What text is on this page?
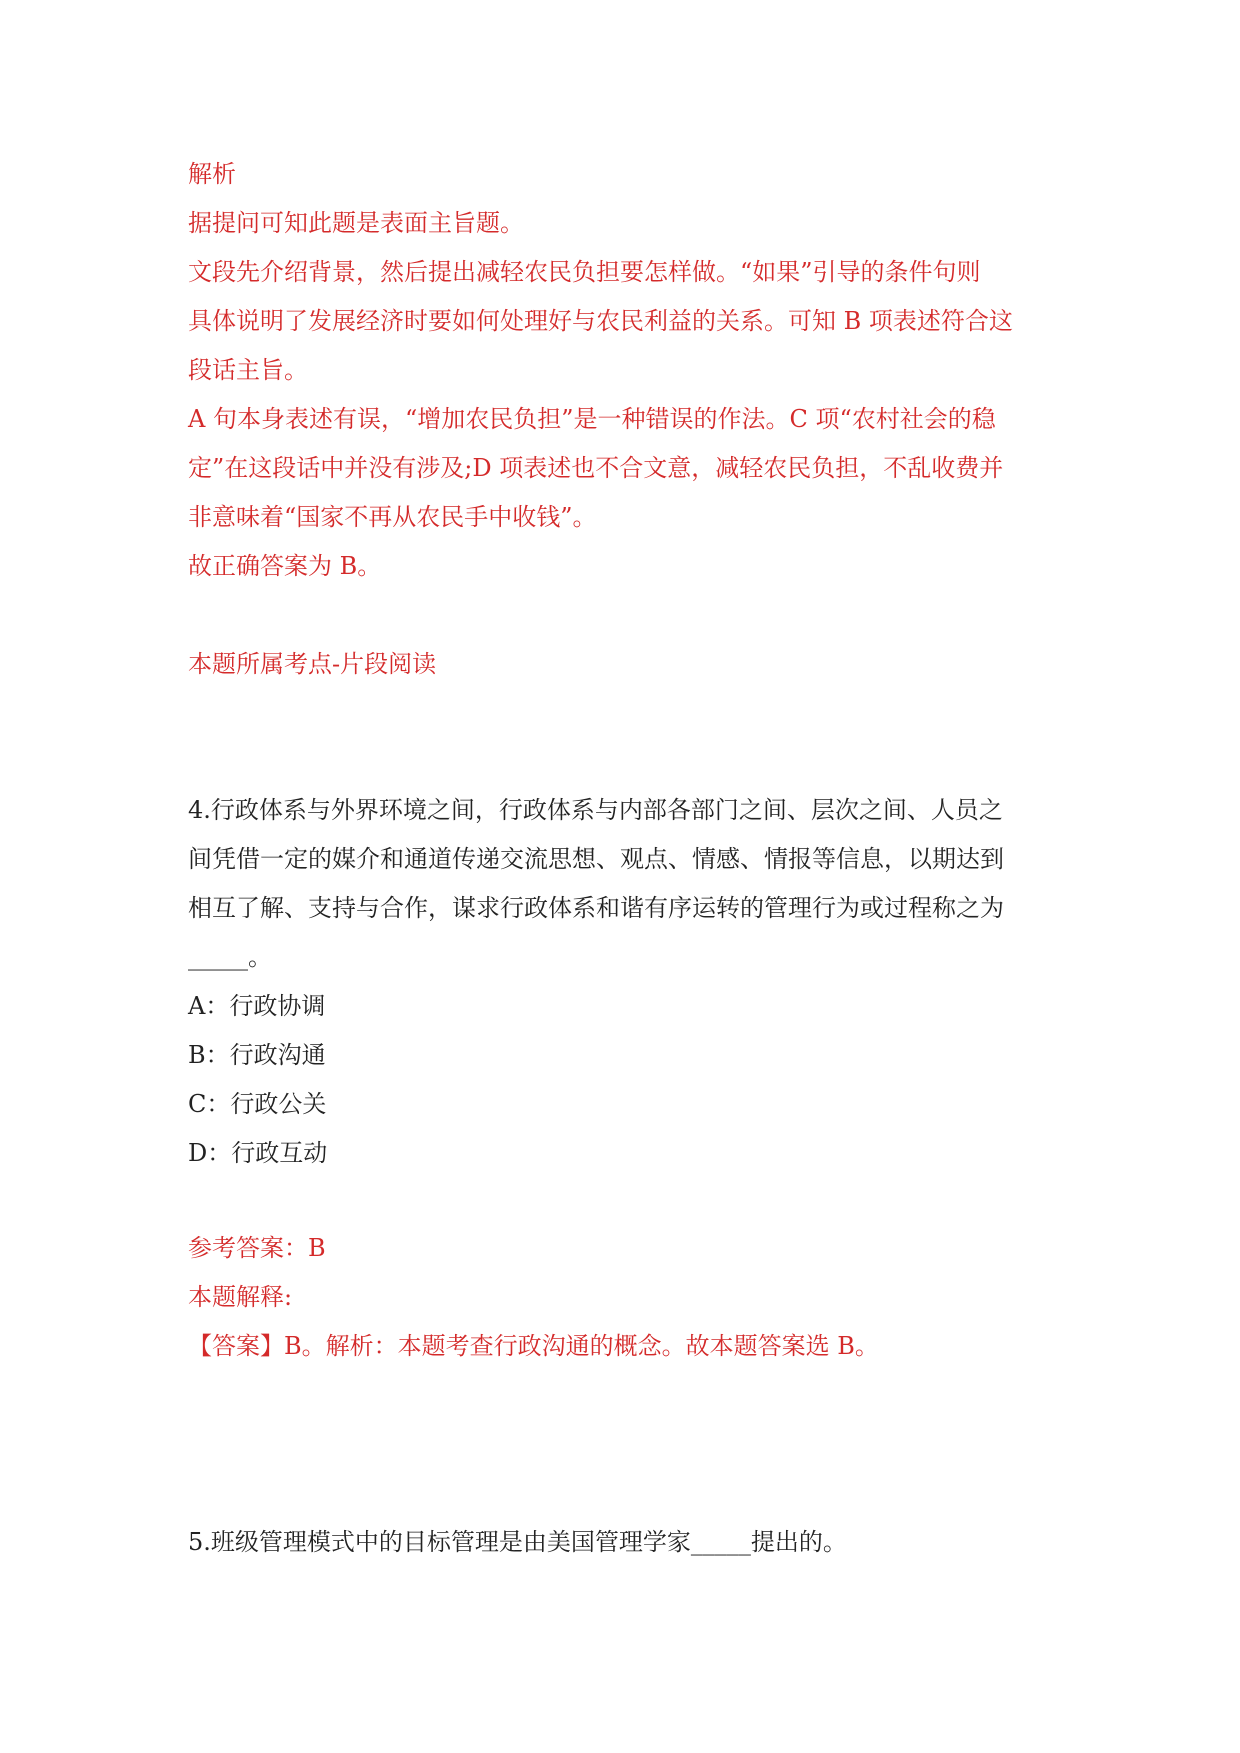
解析
据提问可知此题是表面主旨题。
文段先介绍背景，然后提出减轻农民负担要怎样做。“如果”引导的条件句则
具体说明了发展经济时要如何处理好与农民利益的关系。可知 B 项表述符合这
段话主旨。
A 句本身表述有误，“增加农民负担”是一种错误的作法。C 项“农村社会的稳
定”在这段话中并没有涉及;D 项表述也不合文意，减轻农民负担，不乱收费并
非意味着“国家不再从农民手中收钱”。
故正确答案为 B。
本题所属考点-片段阅读
4.行政体系与外界环境之间，行政体系与内部各部门之间、层次之间、人员之
间凭借一定的媒介和通道传递交流思想、观点、情感、情报等信息，以期达到
相互了解、支持与合作，谋求行政体系和谐有序运转的管理行为或过程称之为
_____。
A：行政协调
B：行政沟通
C：行政公关
D：行政互动
参考答案：B
本题解释:
【答案】B。解析：本题考查行政沟通的概念。故本题答案选 B。
5.班级管理模式中的目标管理是由美国管理学家_____提出的。
